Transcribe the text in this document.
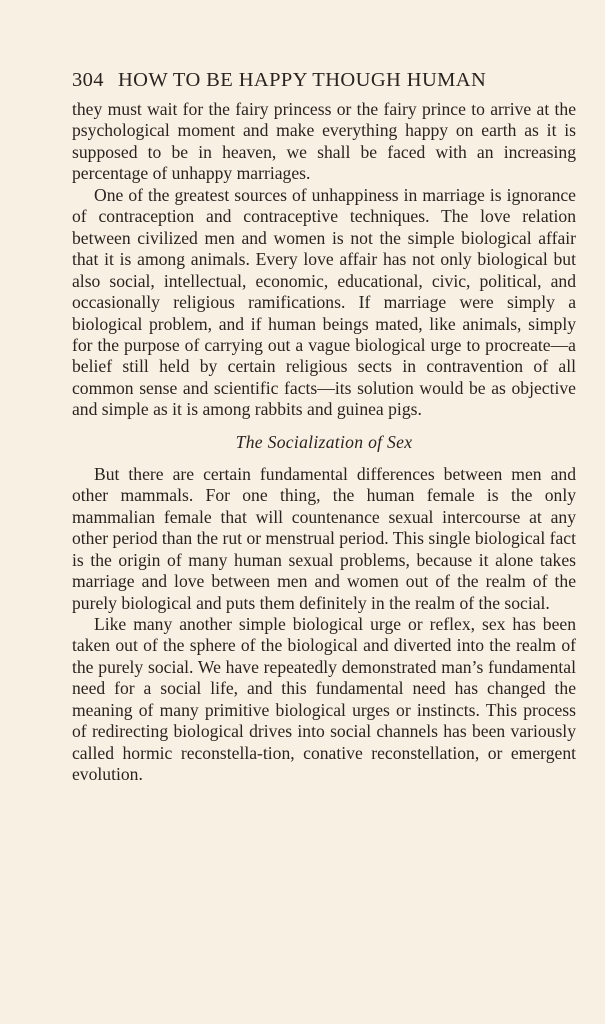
304 HOW TO BE HAPPY THOUGH HUMAN

they must wait for the fairy princess or the fairy prince to arrive at the psychological moment and make everything happy on earth as it is supposed to be in heaven, we shall be faced with an increasing percentage of unhappy marriages.

One of the greatest sources of unhappiness in marriage is ignorance of contraception and contraceptive techniques. The love relation between civilized men and women is not the simple biological affair that it is among animals. Every love affair has not only biological but also social, intellectual, economic, educational, civic, political, and occasionally religious ramifications. If marriage were simply a biological problem, and if human beings mated, like animals, simply for the purpose of carrying out a vague biological urge to procreate—a belief still held by certain religious sects in contravention of all common sense and scientific facts—its solution would be as objective and simple as it is among rabbits and guinea pigs.

The Socialization of Sex

But there are certain fundamental differences between men and other mammals. For one thing, the human female is the only mammalian female that will countenance sexual intercourse at any other period than the rut or menstrual period. This single biological fact is the origin of many human sexual problems, because it alone takes marriage and love between men and women out of the realm of the purely biological and puts them definitely in the realm of the social.

Like many another simple biological urge or reflex, sex has been taken out of the sphere of the biological and diverted into the realm of the purely social. We have repeatedly demonstrated man’s fundamental need for a social life, and this fundamental need has changed the meaning of many primitive biological urges or instincts. This process of redirecting biological drives into social channels has been variously called hormic reconstella-tion, conative reconstellation, or emergent evolution.
